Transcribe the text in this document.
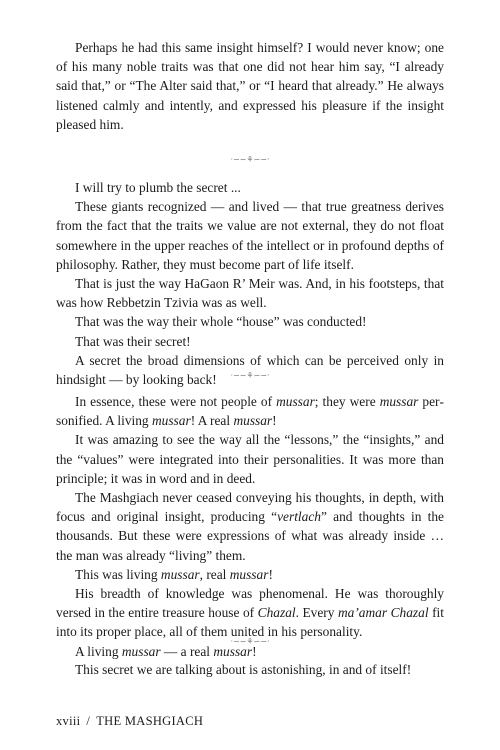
Perhaps he had this same insight himself? I would never know; one of his many noble traits was that one did not hear him say, “I already said that,” or “The Alter said that,” or “I heard that already.” He always listened calmly and intently, and expressed his pleasure if the insight pleased him.

·−∽⚘∽−·

I will try to plumb the secret ...

These giants recognized — and lived — that true greatness derives from the fact that the traits we value are not external, they do not float somewhere in the upper reaches of the intellect or in profound depths of philosophy. Rather, they must become part of life itself.

That is just the way HaGaon R’ Meir was. And, in his footsteps, that was how Rebbetzin Tzivia was as well.

That was the way their whole “house” was conducted!

That was their secret!

A secret the broad dimensions of which can be perceived only in hindsight — by looking back!	·−∽⚘∽−·

In essence, these were not people of mussar; they were mussar personified. A living mussar! A real mussar!

It was amazing to see the way all the “lessons,” the “insights,” and the “values” were integrated into their personalities. It was more than principle; it was in word and in deed.

The Mashgiach never ceased conveying his thoughts, in depth, with focus and original insight, producing “vertlach” and thoughts in the thousands. But these were expressions of what was already inside … the man was already “living” them.

This was living mussar, real mussar!

His breadth of knowledge was phenomenal. He was thoroughly versed in the entire treasure house of Chazal. Every ma’amar Chazal fit into its proper place, all of them united in his personality.

A living mussar — a real mussar!

·−∽⚘∽−·

This secret we are talking about is astonishing, in and of itself!

xviii / THE MASHGIACH
